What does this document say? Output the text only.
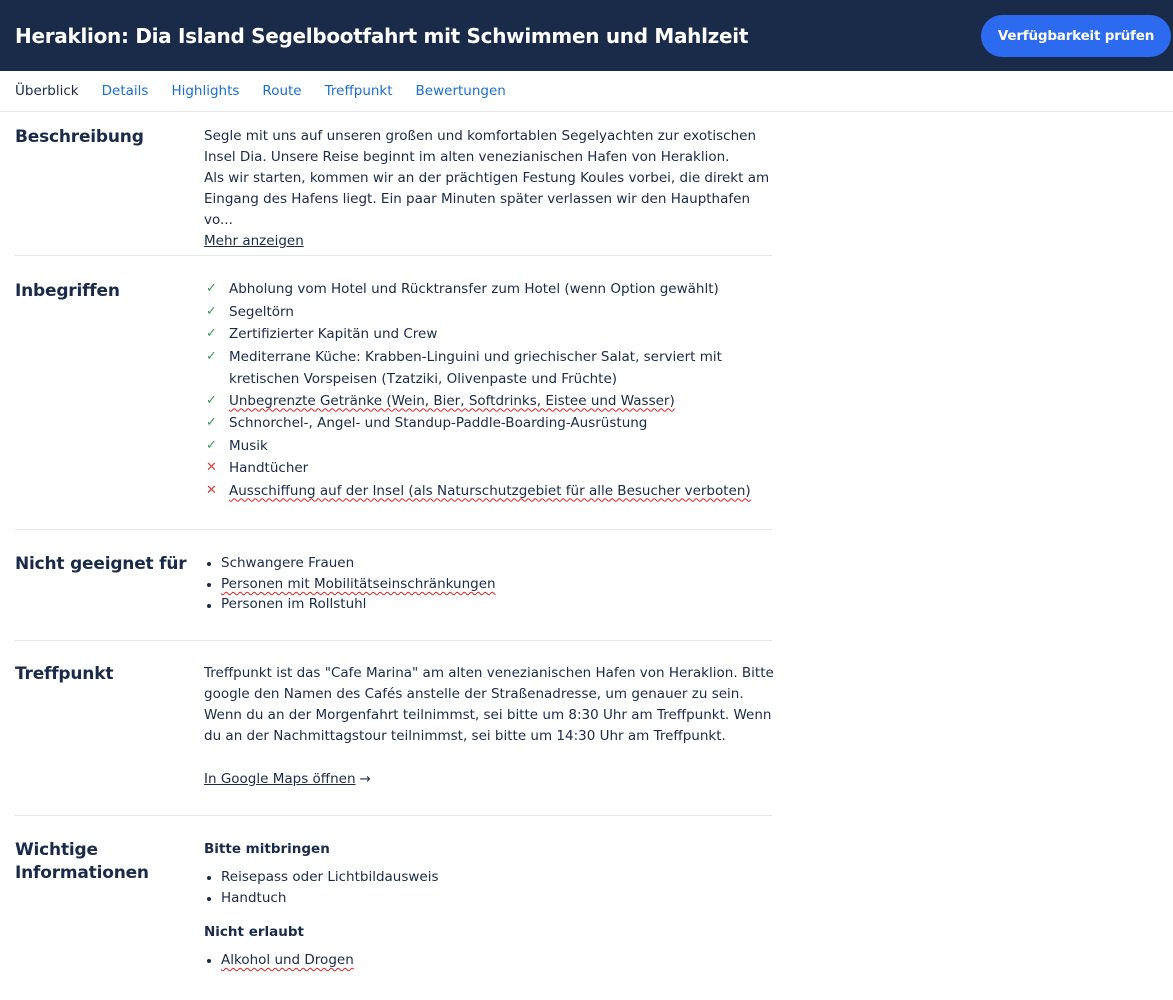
Heraklion: Dia Island Segelbootfahrt mit Schwimmen und Mahlzeit	Verfügbarkeit prüfen
Überblick Details Highlights Route Treffpunkt Bewertungen
Beschreibung	Segle mit uns auf unseren großen und komfortablen Segelyachten zur exotischen Insel Dia. Unsere Reise beginnt im alten venezianischen Hafen von Heraklion.
Als wir starten, kommen wir an der prächtigen Festung Koules vorbei, die direkt am Eingang des Hafens liegt. Ein paar Minuten später verlassen wir den Haupthafen vo...
Mehr anzeigen
Inbegriffen	✓ Abholung vom Hotel und Rücktransfer zum Hotel (wenn Option gewählt)
✓ Segeltörn
✓ Zertifizierter Kapitän und Crew
✓ Mediterrane Küche: Krabben-Linguini und griechischer Salat, serviert mit kretischen Vorspeisen (Tzatziki, Olivenpaste und Früchte)
✓ Unbegrenzte Getränke (Wein, Bier, Softdrinks, Eistee und Wasser)
✓ Schnorchel-, Angel- und Standup-Paddle-Boarding-Ausrüstung
✓ Musik
✕ Handtücher
✕ Ausschiffung auf der Insel (als Naturschutzgebiet für alle Besucher verboten)
Nicht geeignet für	Schwangere Frauen
Personen mit Mobilitätseinschränkungen
Personen im Rollstuhl
Treffpunkt	Treffpunkt ist das "Cafe Marina" am alten venezianischen Hafen von Heraklion. Bitte google den Namen des Cafés anstelle der Straßenadresse, um genauer zu sein. Wenn du an der Morgenfahrt teilnimmst, sei bitte um 8:30 Uhr am Treffpunkt. Wenn du an der Nachmittagstour teilnimmst, sei bitte um 14:30 Uhr am Treffpunkt.
In Google Maps öffnen →
Wichtige Informationen
Bitte mitbringen
Reisepass oder Lichtbildausweis
Handtuch
Nicht erlaubt
Alkohol und Drogen
